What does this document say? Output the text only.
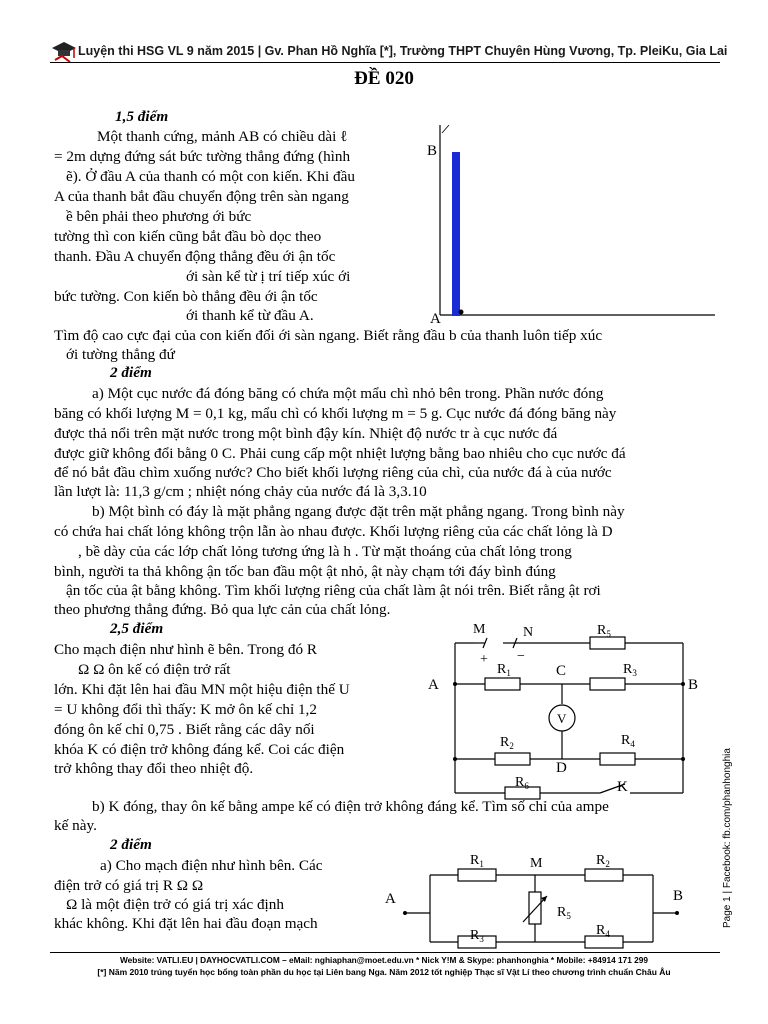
Luyện thi HSG VL 9 năm 2015 | Gv. Phan Hồ Nghĩa [*], Trường THPT Chuyên Hùng Vương, Tp. PleiKu, Gia Lai
ĐỀ 020
1,5 điểm
Một thanh cứng, mảnh AB có chiều dài ℓ
= 2m dựng đứng sát bức tường thẳng đứng (hình
ẽ). Ở đầu A của thanh có một con kiến. Khi đầu
A của thanh bắt đầu chuyển động trên sàn ngang
ề bên phải theo phương ới bức
tường thì con kiến cũng bắt đầu bò dọc theo
thanh. Đầu A chuyển động thẳng đều ới ận tốc
ới sàn kể từ ị trí tiếp xúc ới
bức tường. Con kiến bò thẳng đều ới ận tốc
ới thanh kể từ đầu A.
Tìm độ cao cực đại của con kiến đối ới sàn ngang. Biết rằng đầu b của thanh luôn tiếp xúc
ới tường thẳng đứ
B
A
2 điểm
a) Một cục nước đá đóng băng có chứa một mẩu chì nhỏ bên trong. Phần nước đóng
băng có khối lượng M = 0,1 kg, mẩu chì có khối lượng m = 5 g. Cục nước đá đóng băng này
được thả nổi trên mặt nước trong một bình đậy kín. Nhiệt độ nước tr à cục nước đá
được giữ không đổi bằng 0 C. Phải cung cấp một nhiệt lượng bằng bao nhiêu cho cục nước đá
để nó bắt đầu chìm xuống nước? Cho biết khối lượng riêng của chì, của nước đá à của nước
lần lượt là: 11,3 g/cm ; nhiệt nóng chảy của nước đá là 3,3.10
b) Một bình có đáy là mặt phẳng ngang được đặt trên mặt phẳng ngang. Trong bình này
có chứa hai chất lỏng không trộn lẫn ào nhau được. Khối lượng riêng của các chất lỏng là D
, bề dày của các lớp chất lỏng tương ứng là h . Từ mặt thoáng của chất lỏng trong
bình, người ta thả không ận tốc ban đầu một ật nhỏ, ật này chạm tới đáy bình đúng
ận tốc của ật bằng không. Tìm khối lượng riêng của chất làm ật nói trên. Biết rằng ật rơi
theo phương thẳng đứng. Bỏ qua lực cản của chất lỏng.
2,5 điểm
Cho mạch điện như hình ẽ bên. Trong đó R
Ω Ω ôn kế có điện trở rất
lớn. Khi đặt lên hai đầu MN một hiệu điện thế U
= U không đổi thì thấy: K mở ôn kế chỉ 1,2
đóng ôn kế chỉ 0,75 . Biết rằng các dây nối
khóa K có điện trở không đáng kể. Coi các điện
trở không thay đổi theo nhiệt độ.
b) K đóng, thay ôn kế bằng ampe kế có điện trở không đáng kể. Tìm số chỉ của ampe
kế này.
M	N
+ −
$R_5$
$R_1$	$R_3$
$R_2$	$R_4$
$R_6$
A	B
C
D
K
V
2 điểm
a) Cho mạch điện như hình bên. Các
điện trở có giá trị R Ω Ω
Ω là một điện trở có giá trị xác định
khác không. Khi đặt lên hai đầu đoạn mạch
$R_1$	$R_2$
$R_3$
$R_4$
$R_5$
M
A	B
Website: VATLI.EU | DAYHOCVATLI.COM – eMail: nghiaphan@moet.edu.vn * Nick Y!M & Skype: phanhonghia * Mobile: +84914 171 299
[*] Năm 2010 trúng tuyển học bổng toàn phần du học tại Liên bang Nga. Năm 2012 tốt nghiệp Thạc sĩ Vật Lí theo chương trình chuẩn Châu Âu
Page 1 | Facebook: fb.com/phanhonghia
